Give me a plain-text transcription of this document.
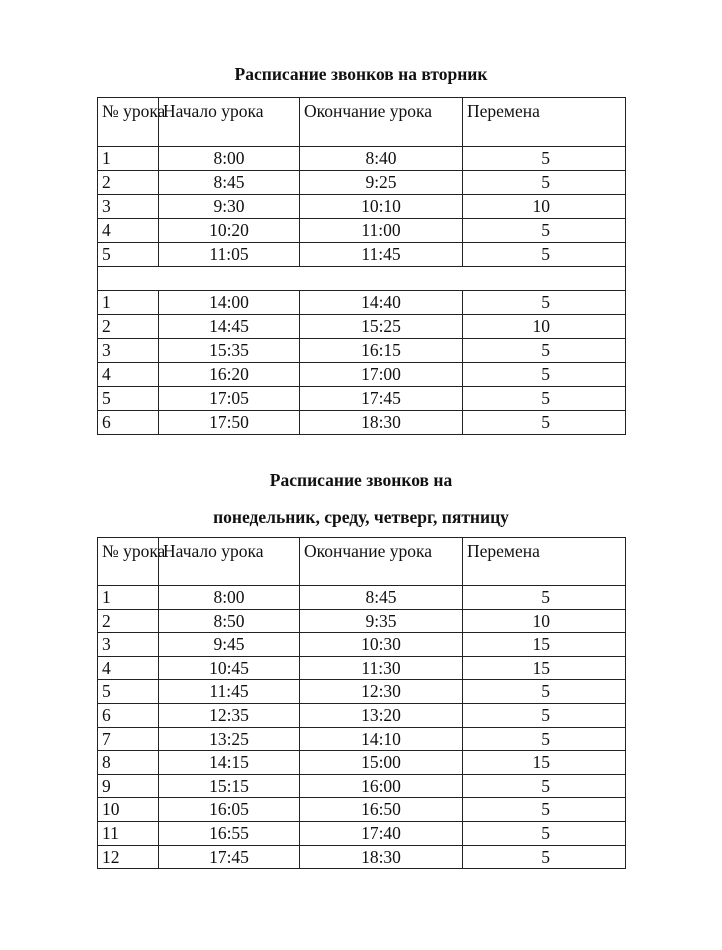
Расписание звонков на вторник
№ урока	Начало урока	Окончание урока	Перемена
1	8:00	8:40	5
2	8:45	9:25	5
3	9:30	10:10	10
4	10:20	11:00	5
5	11:05	11:45	5

1	14:00	14:40	5
2	14:45	15:25	10
3	15:35	16:15	5
4	16:20	17:00	5
5	17:05	17:45	5
6	17:50	18:30	5
Расписание звонков на
понедельник, среду, четверг, пятницу
№ урока	Начало урока	Окончание урока	Перемена
1	8:00	8:45	5
2	8:50	9:35	10
3	9:45	10:30	15
4	10:45	11:30	15
5	11:45	12:30	5
6	12:35	13:20	5
7	13:25	14:10	5
8	14:15	15:00	15
9	15:15	16:00	5
10	16:05	16:50	5
11	16:55	17:40	5
12	17:45	18:30	5
